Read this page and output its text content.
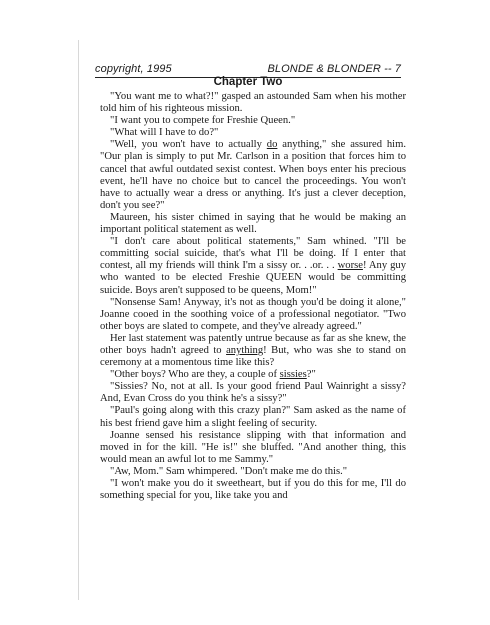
copyright, 1995	BLONDE & BLONDER -- 7
Chapter Two

"You want me to what?!" gasped an astounded Sam when his mother told him of his righteous mission.

"I want you to compete for Freshie Queen."

"What will I have to do?"

"Well, you won't have to actually do anything," she assured him. "Our plan is simply to put Mr. Carlson in a position that forces him to cancel that awful outdated sexist contest. When boys enter his precious event, he'll have no choice but to cancel the proceedings. You won't have to actually wear a dress or anything. It's just a clever deception, don't you see?"

Maureen, his sister chimed in saying that he would be making an important political statement as well.

"I don't care about political statements," Sam whined. "I'll be committing social suicide, that's what I'll be doing. If I enter that contest, all my friends will think I'm a sissy or. . .or. . . worse! Any guy who wanted to be elected Freshie QUEEN would be committing suicide. Boys aren't supposed to be queens, Mom!"

"Nonsense Sam! Anyway, it's not as though you'd be doing it alone," Joanne cooed in the soothing voice of a professional negotiator. "Two other boys are slated to compete, and they've already agreed."

Her last statement was patently untrue because as far as she knew, the other boys hadn't agreed to anything! But, who was she to stand on ceremony at a momentous time like this?

"Other boys? Who are they, a couple of sissies?"

"Sissies? No, not at all. Is your good friend Paul Wainright a sissy? And, Evan Cross do you think he's a sissy?"

"Paul's going along with this crazy plan?" Sam asked as the name of his best friend gave him a slight feeling of security.

Joanne sensed his resistance slipping with that information and moved in for the kill. "He is!" she bluffed. "And another thing, this would mean an awful lot to me Sammy."

"Aw, Mom." Sam whimpered. "Don't make me do this."

"I won't make you do it sweetheart, but if you do this for me, I'll do something special for you, like take you and
